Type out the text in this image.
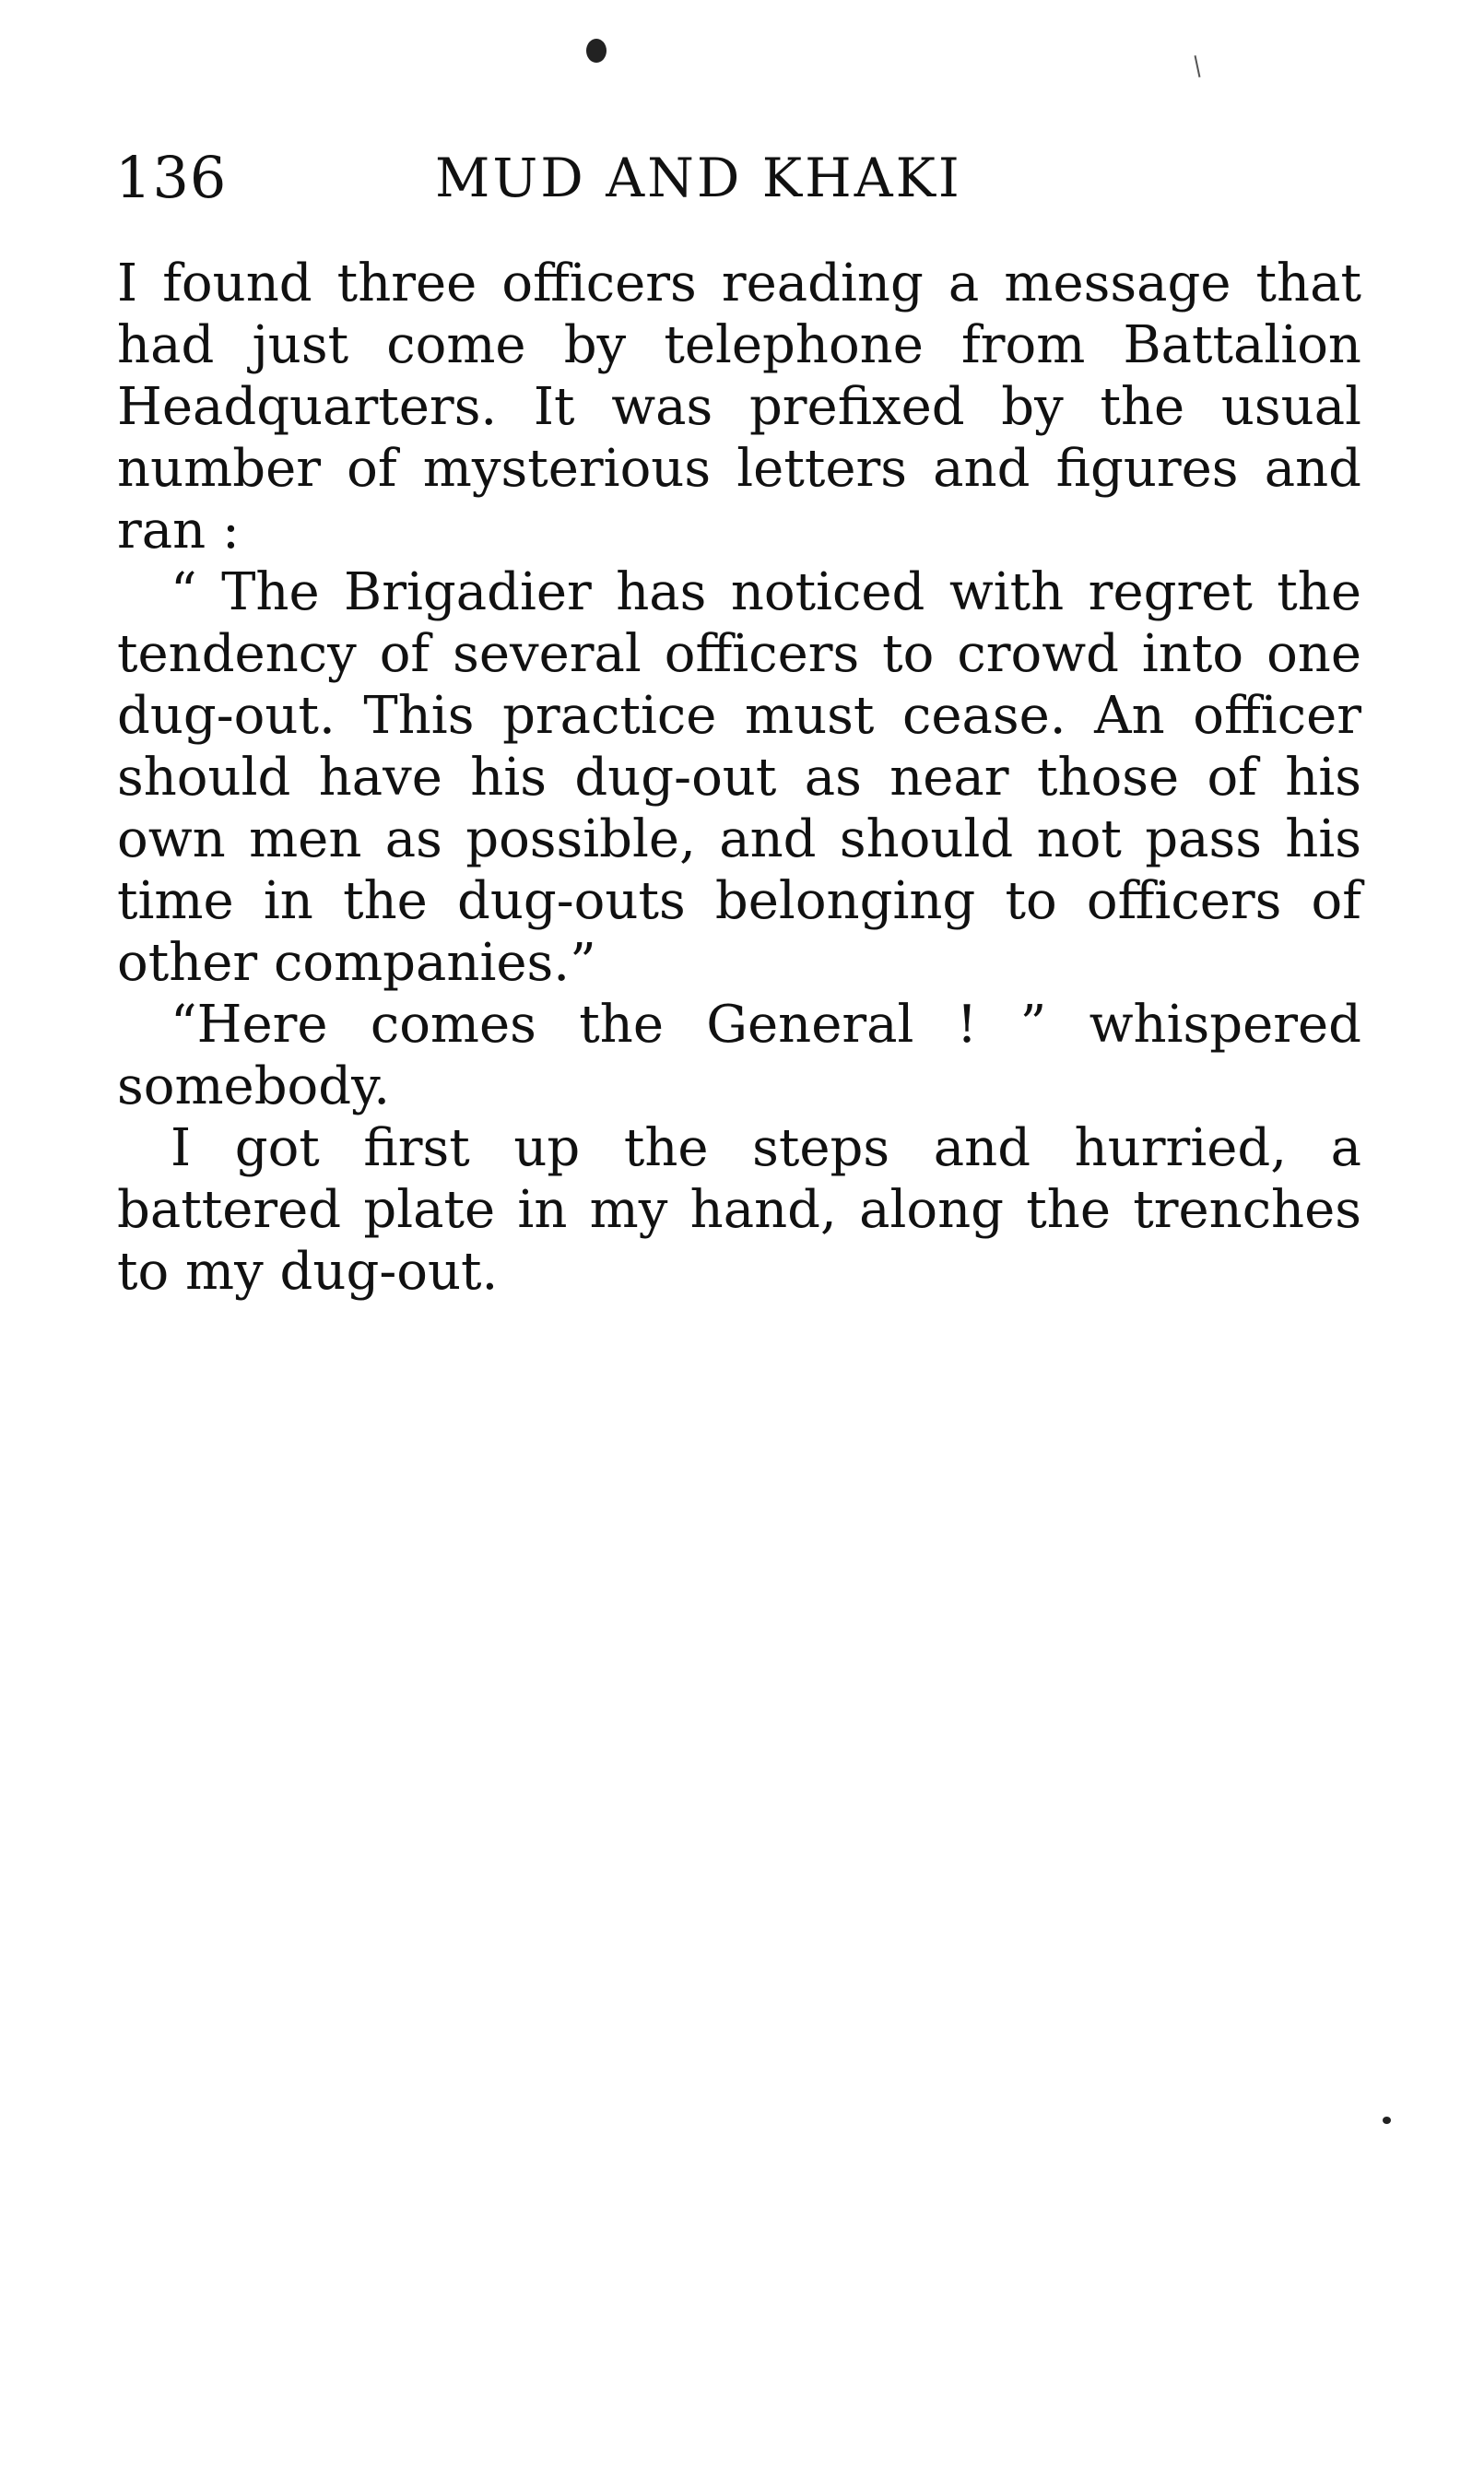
136	MUD AND KHAKI

I found three officers reading a message that had just come by telephone from Battalion Headquarters. It was prefixed by the usual number of mysterious letters and figures and ran :

“ The Brigadier has noticed with regret the tendency of several officers to crowd into one dug-out. This practice must cease. An officer should have his dug-out as near those of his own men as possible, and should not pass his time in the dug-outs belonging to officers of other companies.”

“Here comes the General ! ” whispered somebody.

I got first up the steps and hurried, a battered plate in my hand, along the trenches to my dug-out.
